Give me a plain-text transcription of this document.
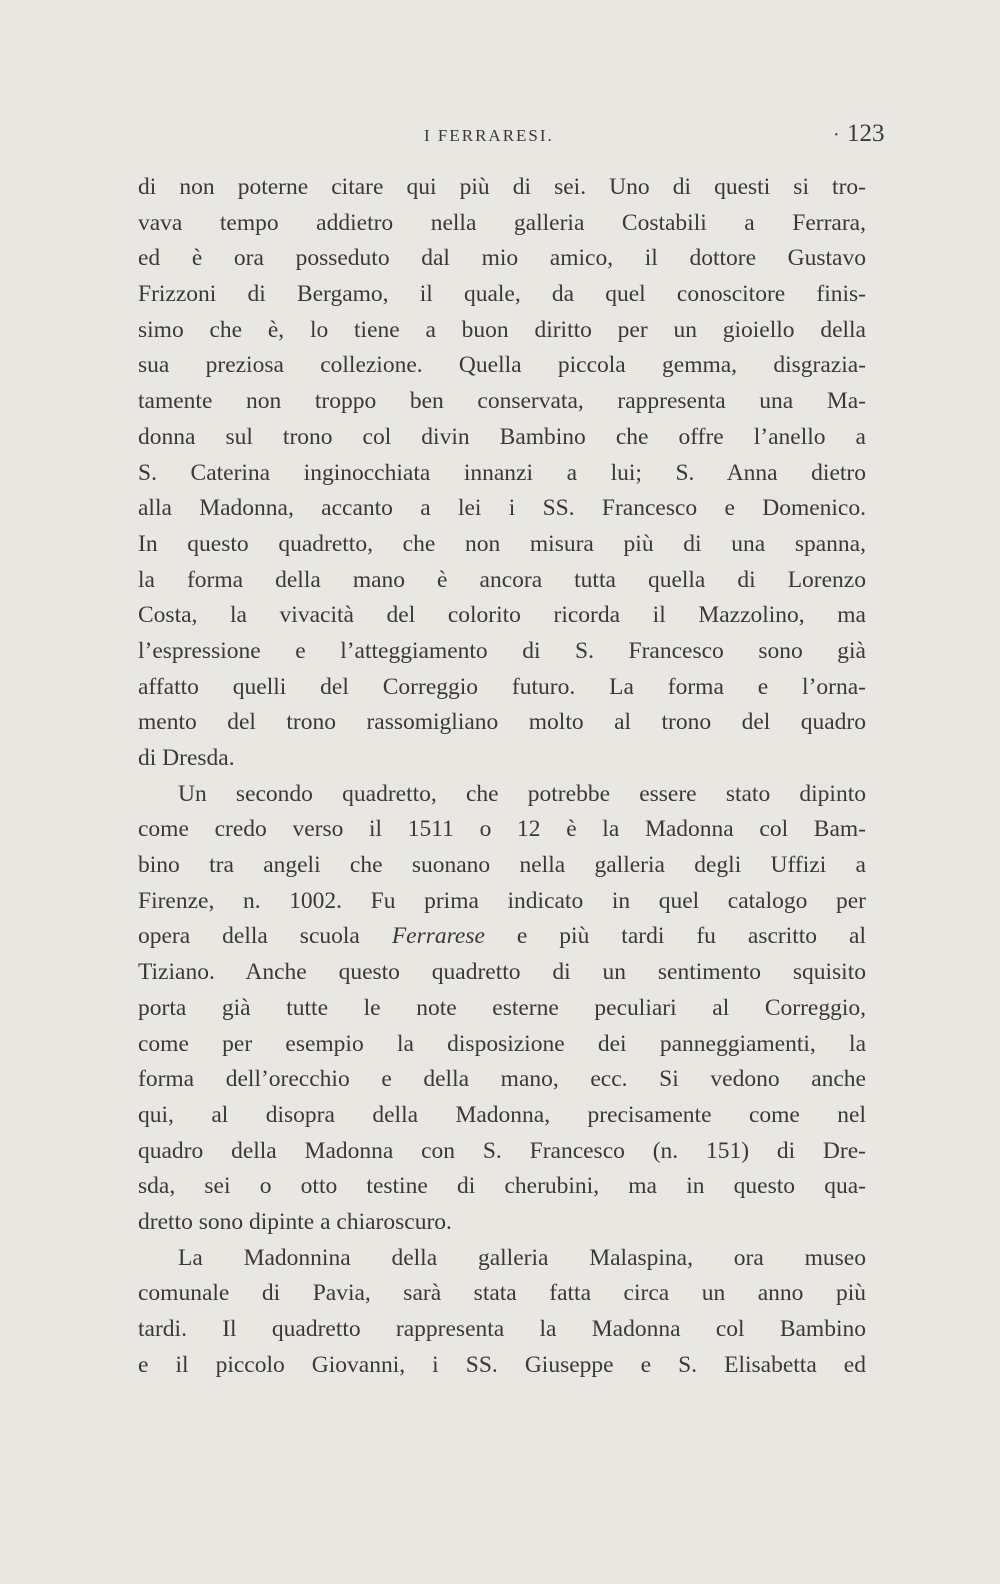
I FERRARESI.	· 123
di non poterne citare qui più di sei. Uno di questi si tro-
vava tempo addietro nella galleria Costabili a Ferrara,
ed è ora posseduto dal mio amico, il dottore Gustavo
Frizzoni di Bergamo, il quale, da quel conoscitore finis-
simo che è, lo tiene a buon diritto per un gioiello della
sua preziosa collezione. Quella piccola gemma, disgrazia-
tamente non troppo ben conservata, rappresenta una Ma-
donna sul trono col divin Bambino che offre l’anello a
S. Caterina inginocchiata innanzi a lui; S. Anna dietro
alla Madonna, accanto a lei i SS. Francesco e Domenico.
In questo quadretto, che non misura più di una spanna,
la forma della mano è ancora tutta quella di Lorenzo
Costa, la vivacità del colorito ricorda il Mazzolino, ma
l’espressione e l’atteggiamento di S. Francesco sono già
affatto quelli del Correggio futuro. La forma e l’orna-
mento del trono rassomigliano molto al trono del quadro
di Dresda.
Un secondo quadretto, che potrebbe essere stato dipinto
come credo verso il 1511 o 12 è la Madonna col Bam-
bino tra angeli che suonano nella galleria degli Uffizi a
Firenze, n. 1002. Fu prima indicato in quel catalogo per
opera della scuola Ferrarese e più tardi fu ascritto al
Tiziano. Anche questo quadretto di un sentimento squisito
porta già tutte le note esterne peculiari al Correggio,
come per esempio la disposizione dei panneggiamenti, la
forma dell’orecchio e della mano, ecc. Si vedono anche
qui, al disopra della Madonna, precisamente come nel
quadro della Madonna con S. Francesco (n. 151) di Dre-
sda, sei o otto testine di cherubini, ma in questo qua-
dretto sono dipinte a chiaroscuro.
La Madonnina della galleria Malaspina, ora museo
comunale di Pavia, sarà stata fatta circa un anno più
tardi. Il quadretto rappresenta la Madonna col Bambino
e il piccolo Giovanni, i SS. Giuseppe e S. Elisabetta ed
